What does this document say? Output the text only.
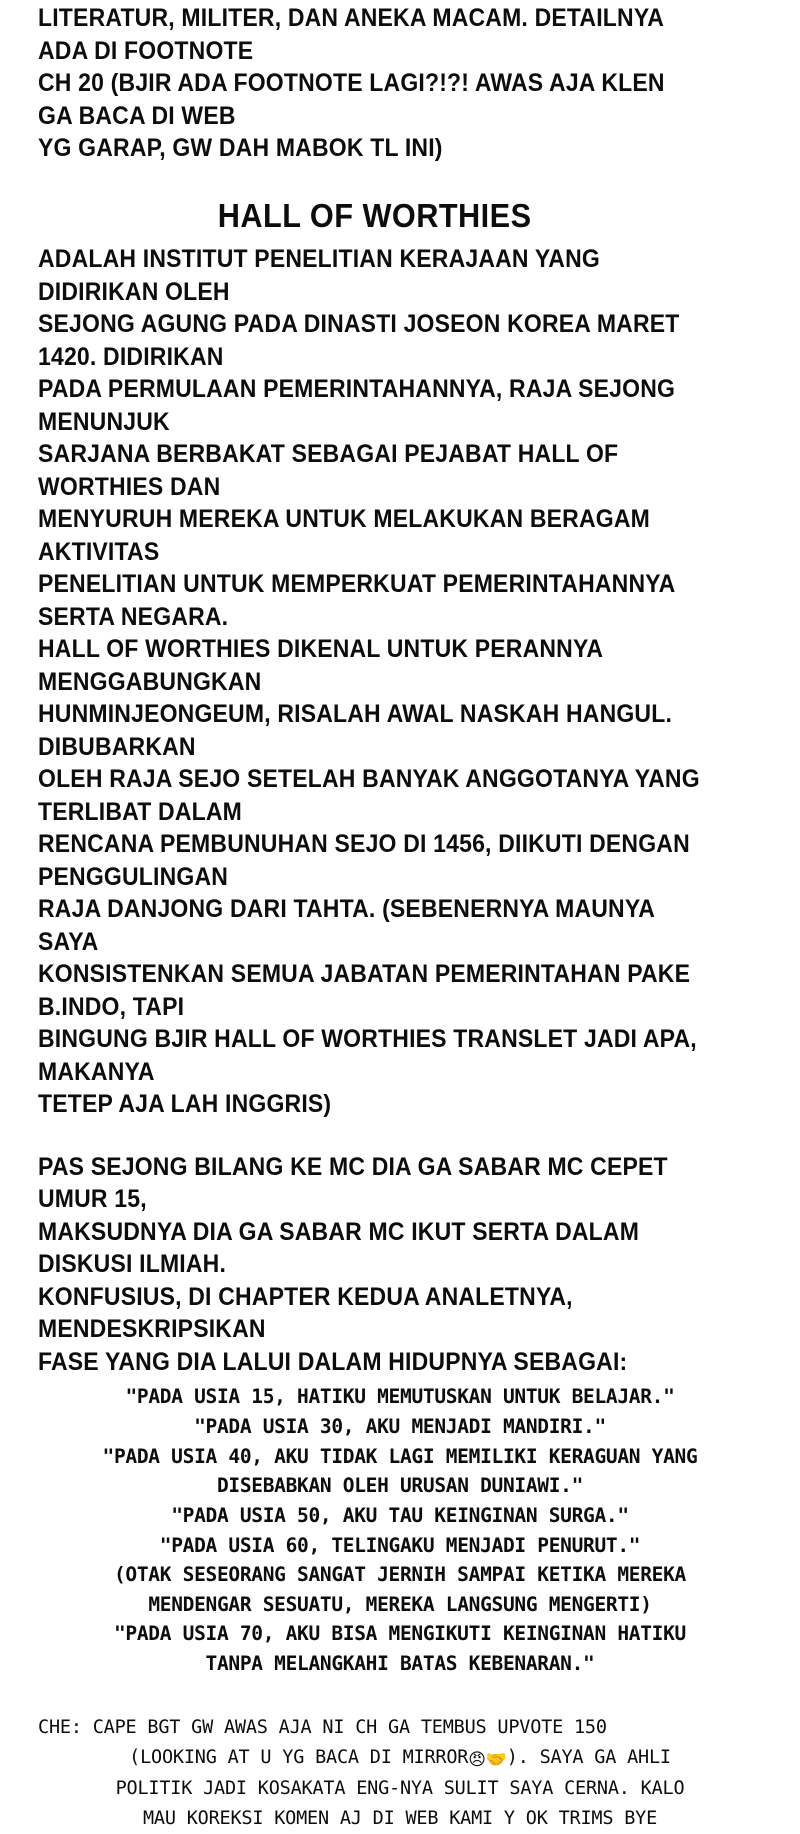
LITERATUR, MILITER, DAN ANEKA MACAM. DETAILNYA ADA DI FOOTNOTE

CH 20 (BJIR ADA FOOTNOTE LAGI?!?! AWAS AJA KLEN GA BACA DI WEB

YG GARAP, GW DAH MABOK TL INI)

HALL OF WORTHIES

ADALAH INSTITUT PENELITIAN KERAJAAN YANG DIDIRIKAN OLEH

SEJONG AGUNG PADA DINASTI JOSEON KOREA MARET 1420. DIDIRIKAN

PADA PERMULAAN PEMERINTAHANNYA, RAJA SEJONG MENUNJUK

SARJANA BERBAKAT SEBAGAI PEJABAT HALL OF WORTHIES DAN

MENYURUH MEREKA UNTUK MELAKUKAN BERAGAM AKTIVITAS

PENELITIAN UNTUK MEMPERKUAT PEMERINTAHANNYA SERTA NEGARA.

HALL OF WORTHIES DIKENAL UNTUK PERANNYA MENGGABUNGKAN

HUNMINJEONGEUM, RISALAH AWAL NASKAH HANGUL. DIBUBARKAN

OLEH RAJA SEJO SETELAH BANYAK ANGGOTANYA YANG TERLIBAT DALAM

RENCANA PEMBUNUHAN SEJO DI 1456, DIIKUTI DENGAN PENGGULINGAN

RAJA DANJONG DARI TAHTA. (SEBENERNYA MAUNYA SAYA

KONSISTENKAN SEMUA JABATAN PEMERINTAHAN PAKE B.INDO, TAPI

BINGUNG BJIR HALL OF WORTHIES TRANSLET JADI APA, MAKANYA

TETEP AJA LAH INGGRIS)

PAS SEJONG BILANG KE MC DIA GA SABAR MC CEPET UMUR 15,

MAKSUDNYA DIA GA SABAR MC IKUT SERTA DALAM DISKUSI ILMIAH.

KONFUSIUS, DI CHAPTER KEDUA ANALETNYA, MENDESKRIPSIKAN

FASE YANG DIA LALUI DALAM HIDUPNYA SEBAGAI:

"PADA USIA 15, HATIKU MEMUTUSKAN UNTUK BELAJAR."

"PADA USIA 30, AKU MENJADI MANDIRI."

"PADA USIA 40, AKU TIDAK LAGI MEMILIKI KERAGUAN YANG

DISEBABKAN OLEH URUSAN DUNIAWI."

"PADA USIA 50, AKU TAU KEINGINAN SURGA."

"PADA USIA 60, TELINGAKU MENJADI PENURUT."

(OTAK SESEORANG SANGAT JERNIH SAMPAI KETIKA MEREKA

MENDENGAR SESUATU, MEREKA LANGSUNG MENGERTI)

"PADA USIA 70, AKU BISA MENGIKUTI KEINGINAN HATIKU

TANPA MELANGKAHI BATAS KEBENARAN."

CHE: CAPE BGT GW AWAS AJA NI CH GA TEMBUS UPVOTE 150

(LOOKING AT U YG BACA DI MIRROR😠🤝). SAYA GA AHLI

POLITIK JADI KOSAKATA ENG-NYA SULIT SAYA CERNA. KALO

MAU KOREKSI KOMEN AJ DI WEB KAMI Y OK TRIMS BYE
